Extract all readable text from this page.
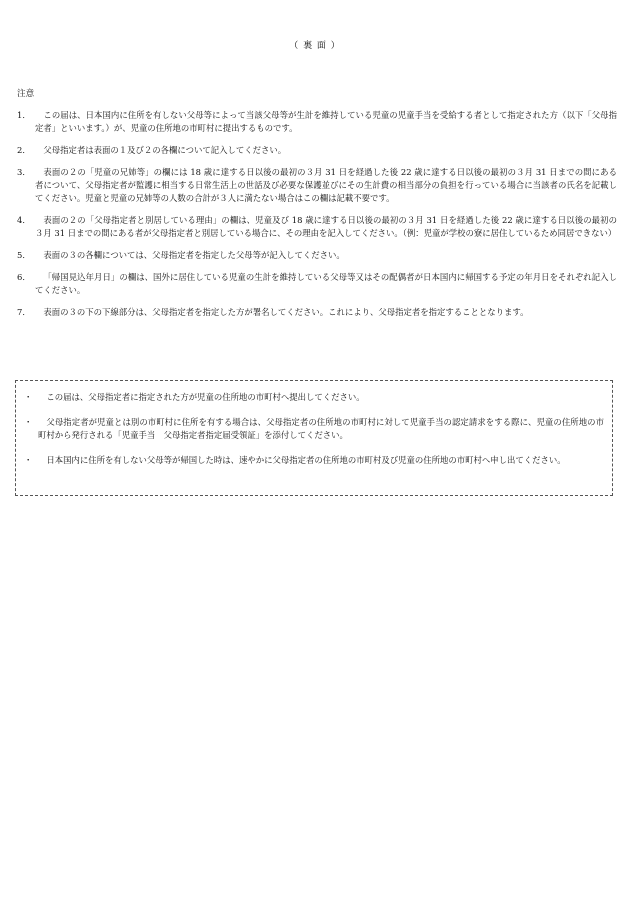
（ 裏 面 ）
注意
1．	この届は、日本国内に住所を有しない父母等によって当該父母等が生計を維持している児童の児童手当を受給する者として指定された方（以下「父母指定者」といいます。）が、児童の住所地の市町村に提出するものです。
2．	父母指定者は表面の１及び２の各欄について記入してください。
3．	表面の２の「児童の兄姉等」の欄には 18 歳に達する日以後の最初の３月 31 日を経過した後 22 歳に達する日以後の最初の３月 31 日までの間にある者について、父母指定者が監護に相当する日常生活上の世話及び必要な保護並びにその生計費の相当部分の負担を行っている場合に当該者の氏名を記載してください。児童と児童の兄姉等の人数の合計が３人に満たない場合はこの欄は記載不要です。
4．	表面の２の「父母指定者と別居している理由」の欄は、児童及び 18 歳に達する日以後の最初の３月 31 日を経過した後 22 歳に達する日以後の最初の３月 31 日までの間にある者が父母指定者と別居している場合に、その理由を記入してください。（例：児童が学校の寮に居住しているため同居できない）
5．	表面の３の各欄については、父母指定者を指定した父母等が記入してください。
6．	「帰国見込年月日」の欄は、国外に居住している児童の生計を維持している父母等又はその配偶者が日本国内に帰国する予定の年月日をそれぞれ記入してください。
7．	表面の３の下の下線部分は、父母指定者を指定した方が署名してください。これにより、父母指定者を指定することとなります。
・	この届は、父母指定者に指定された方が児童の住所地の市町村へ提出してください。
・	父母指定者が児童とは別の市町村に住所を有する場合は、父母指定者の住所地の市町村に対して児童手当の認定請求をする際に、児童の住所地の市町村から発行される「児童手当　父母指定者指定届受領証」を添付してください。
・	日本国内に住所を有しない父母等が帰国した時は、速やかに父母指定者の住所地の市町村及び児童の住所地の市町村へ申し出てください。
